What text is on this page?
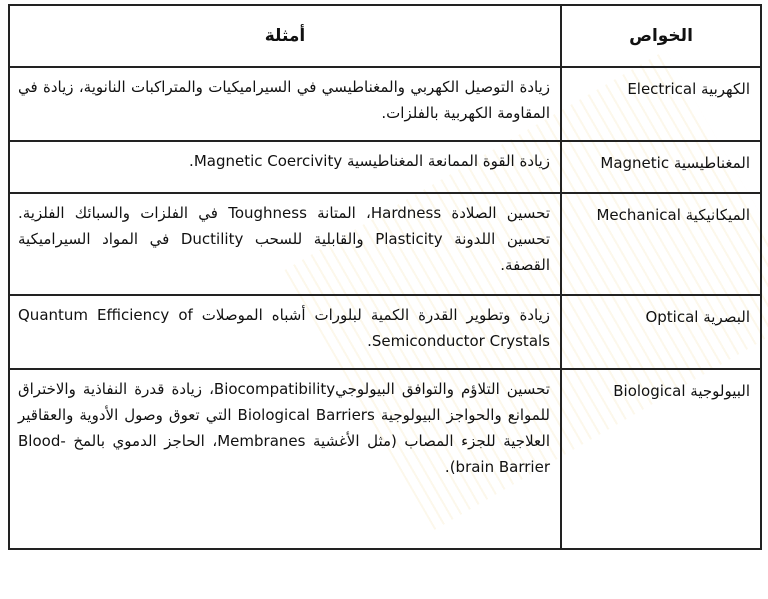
الخواص	أمثلة
الكهربية Electrical	زيادة التوصيل الكهربي والمغناطيسي في السيراميكيات والمتراكبات النانوية، زيادة في المقاومة الكهربية بالفلزات.
المغناطيسية Magnetic	زيادة القوة الممانعة المغناطيسية Magnetic Coercivity.
الميكانيكية Mechanical	تحسين الصلادة Hardness، المتانة Toughness في الفلزات والسبائك الفلزية. تحسين اللدونة Plasticity والقابلية للسحب Ductility في المواد السيراميكية القصفة.
البصرية Optical	زيادة وتطوير القدرة الكمية لبلورات أشباه الموصلات Quantum Efficiency of Semiconductor Crystals.
البيولوجية Biological	تحسين التلاؤم والتوافق البيولوجيBiocompatibility، زيادة قدرة النفاذية والاختراق للموانع والحواجز البيولوجية Biological Barriers التي تعوق وصول الأدوية والعقاقير العلاجية للجزء المصاب (مثل الأغشية Membranes، الحاجز الدموي بالمخ Blood-brain Barrier).
